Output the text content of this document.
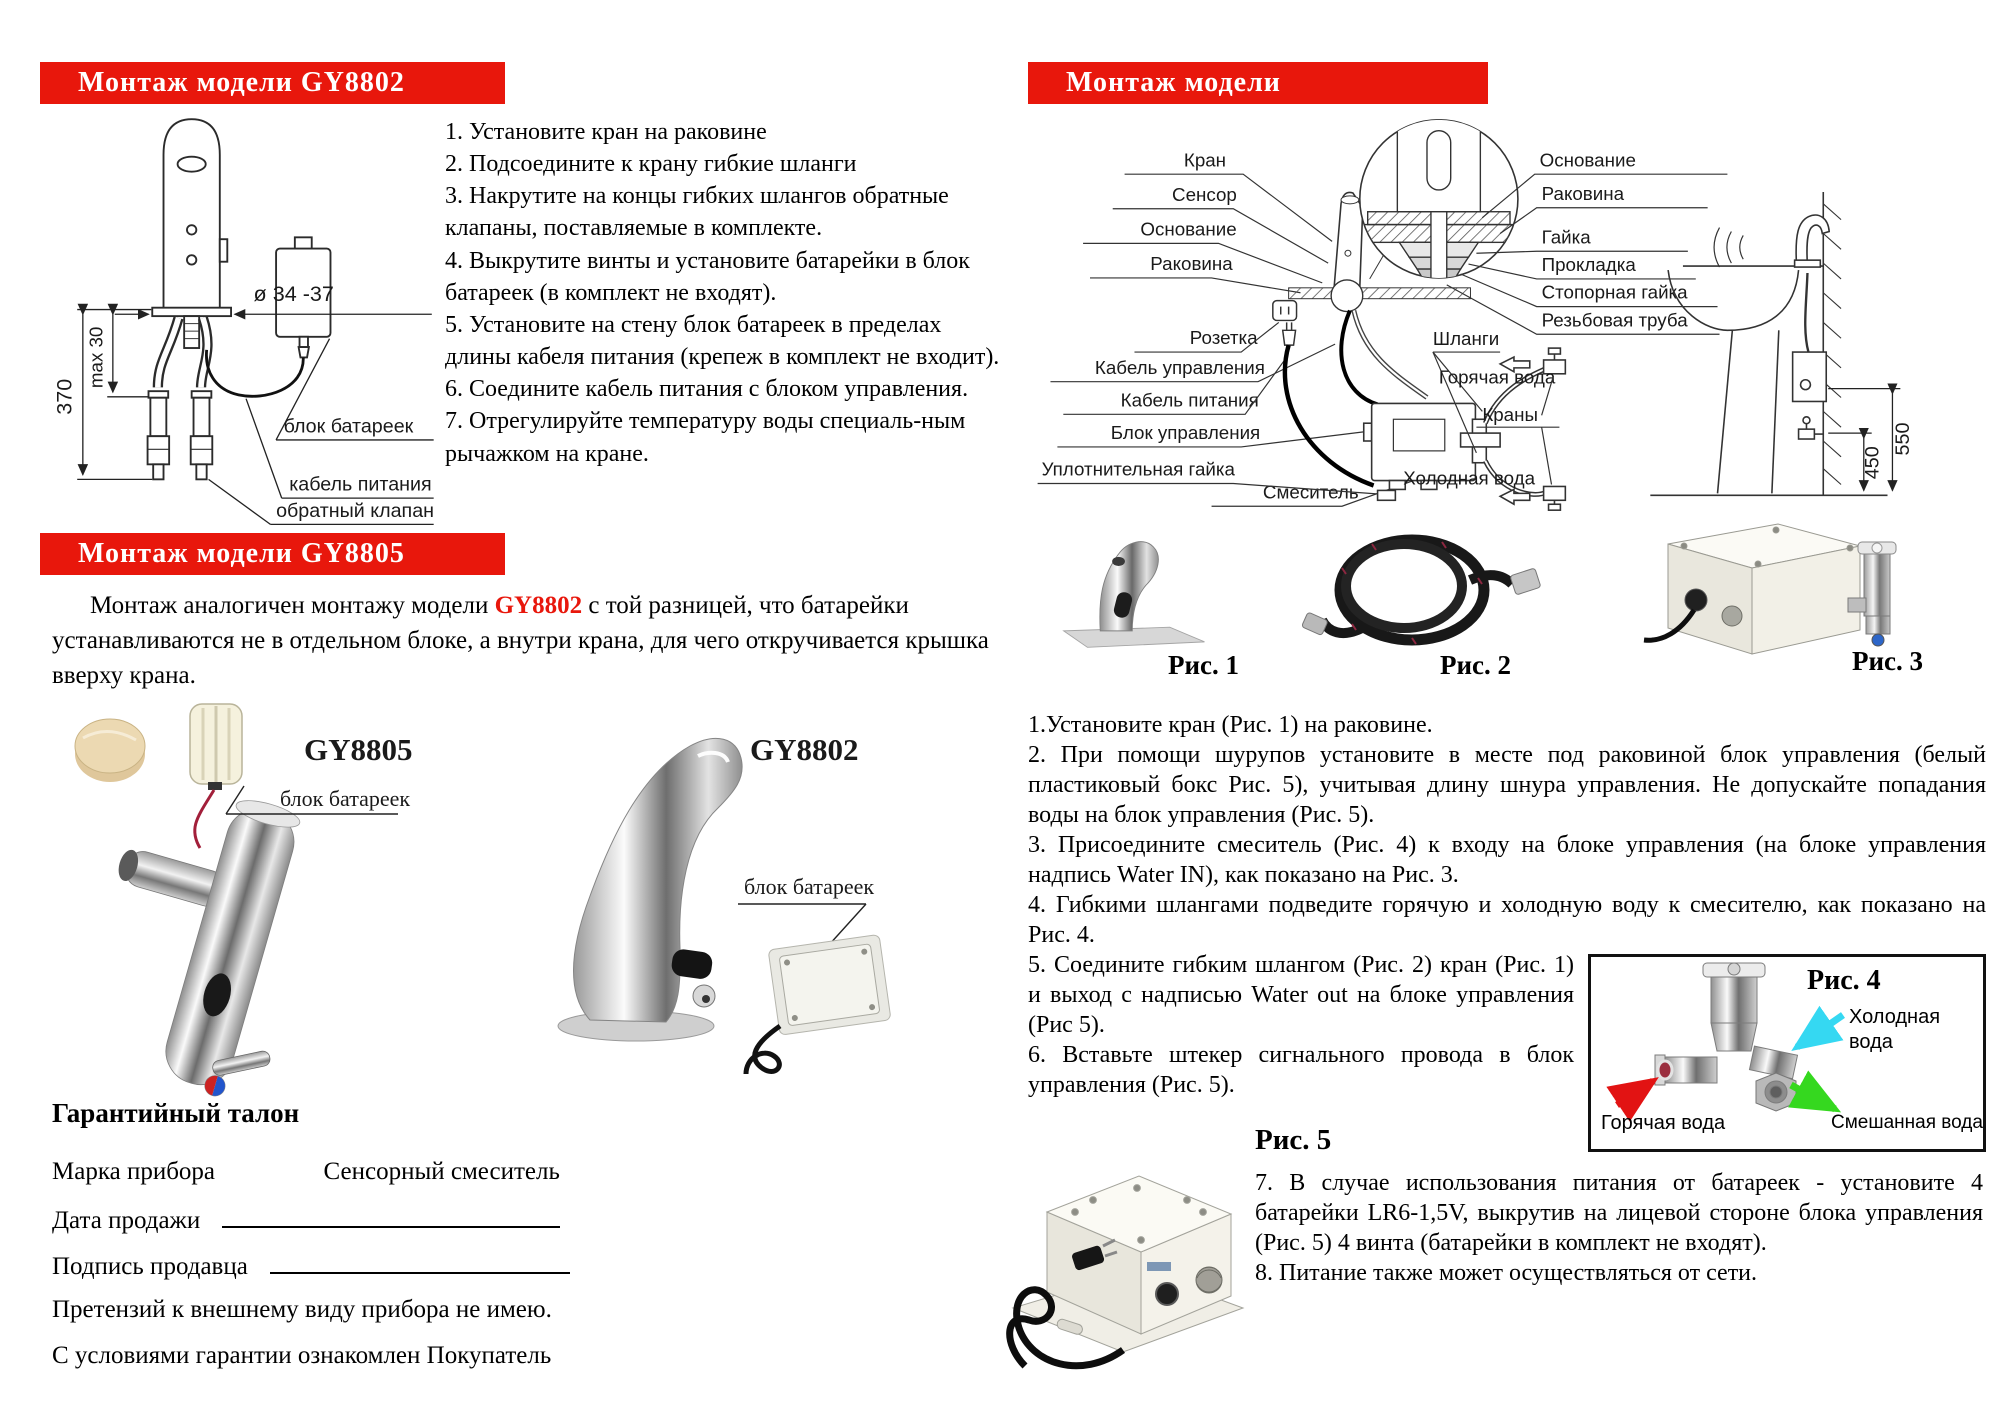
Монтаж модели GY8802
370
max 30
ø 34 -37
блок батареек
кабель питания
обратный клапан

1. Установите кран на раковине

2. Подсоедините к крану гибкие шланги

3. Накрутите на концы гибких шлангов обратные клапаны, поставляемые в комплекте.

4. Выкрутите винты и установите батарейки в блок батареек (в комплект не входят).

5. Установите на стену блок батареек в пределах длины кабеля питания (крепеж в комплект не входит).

6. Соедините кабель питания с блоком управления.

7. Отрегулируйте температуру воды специаль-ным рычажком на кране.

Монтаж модели GY8805
Монтаж аналогичен монтажу модели GY8802 с той разницей, что батарейки устанавливаются не в отдельном блоке, а внутри крана, для чего откручивается крышка вверху крана.
GY8805
блок батареек
GY8802
блок батареек
Гарантийный талон
Марка прибора	Сенсорный смеситель
Дата продажи
Подпись продавца
Претензий к внешнему виду прибора не имею.
С условиями гарантии ознакомлен Покупатель
Монтаж модели
Кран
Сенсор
Основание
Раковина
Розетка
Кабель управления
Кабель питания
Блок управления
Уплотнительная гайка
Смеситель
Шланги
Горячая вода
Краны
Холодная вода
Основание
Раковина
Гайка
Прокладка
Стопорная гайка
Резьбовая труба
550
450
Рис. 1	Рис. 2	Рис. 3

1.Установите кран (Рис. 1) на раковине.

2. При помощи шурупов установите в месте под раковиной блок управления (белый пластиковый бокс Рис. 5), учитывая длину шнура управления. Не допускайте попадания воды на блок управления (Рис. 5).

3. Присоедините смеситель (Рис. 4) к входу на блоке управления (на блоке управления надпись Water IN), как показано на Рис. 3.

4. Гибкими шлангами подведите горячую и холодную воду к смесителю, как показано на Рис. 4.

Рис. 4
Холодная вода
Горячая вода	Смешанная вода

5. Соедините гибким шлангом (Рис. 2) кран (Рис. 1) и выход с надписью Water out на блоке управления (Рис 5).

6. Вставьте штекер сигнального провода в блок управления (Рис. 5).

Рис. 5

7. В случае использования питания от батареек - установите 4 батарейки LR6-1,5V, выкрутив на лицевой стороне блока управления (Рис. 5) 4 винта (батарейки в комплект не входят).

8. Питание также может осуществляться от сети.
